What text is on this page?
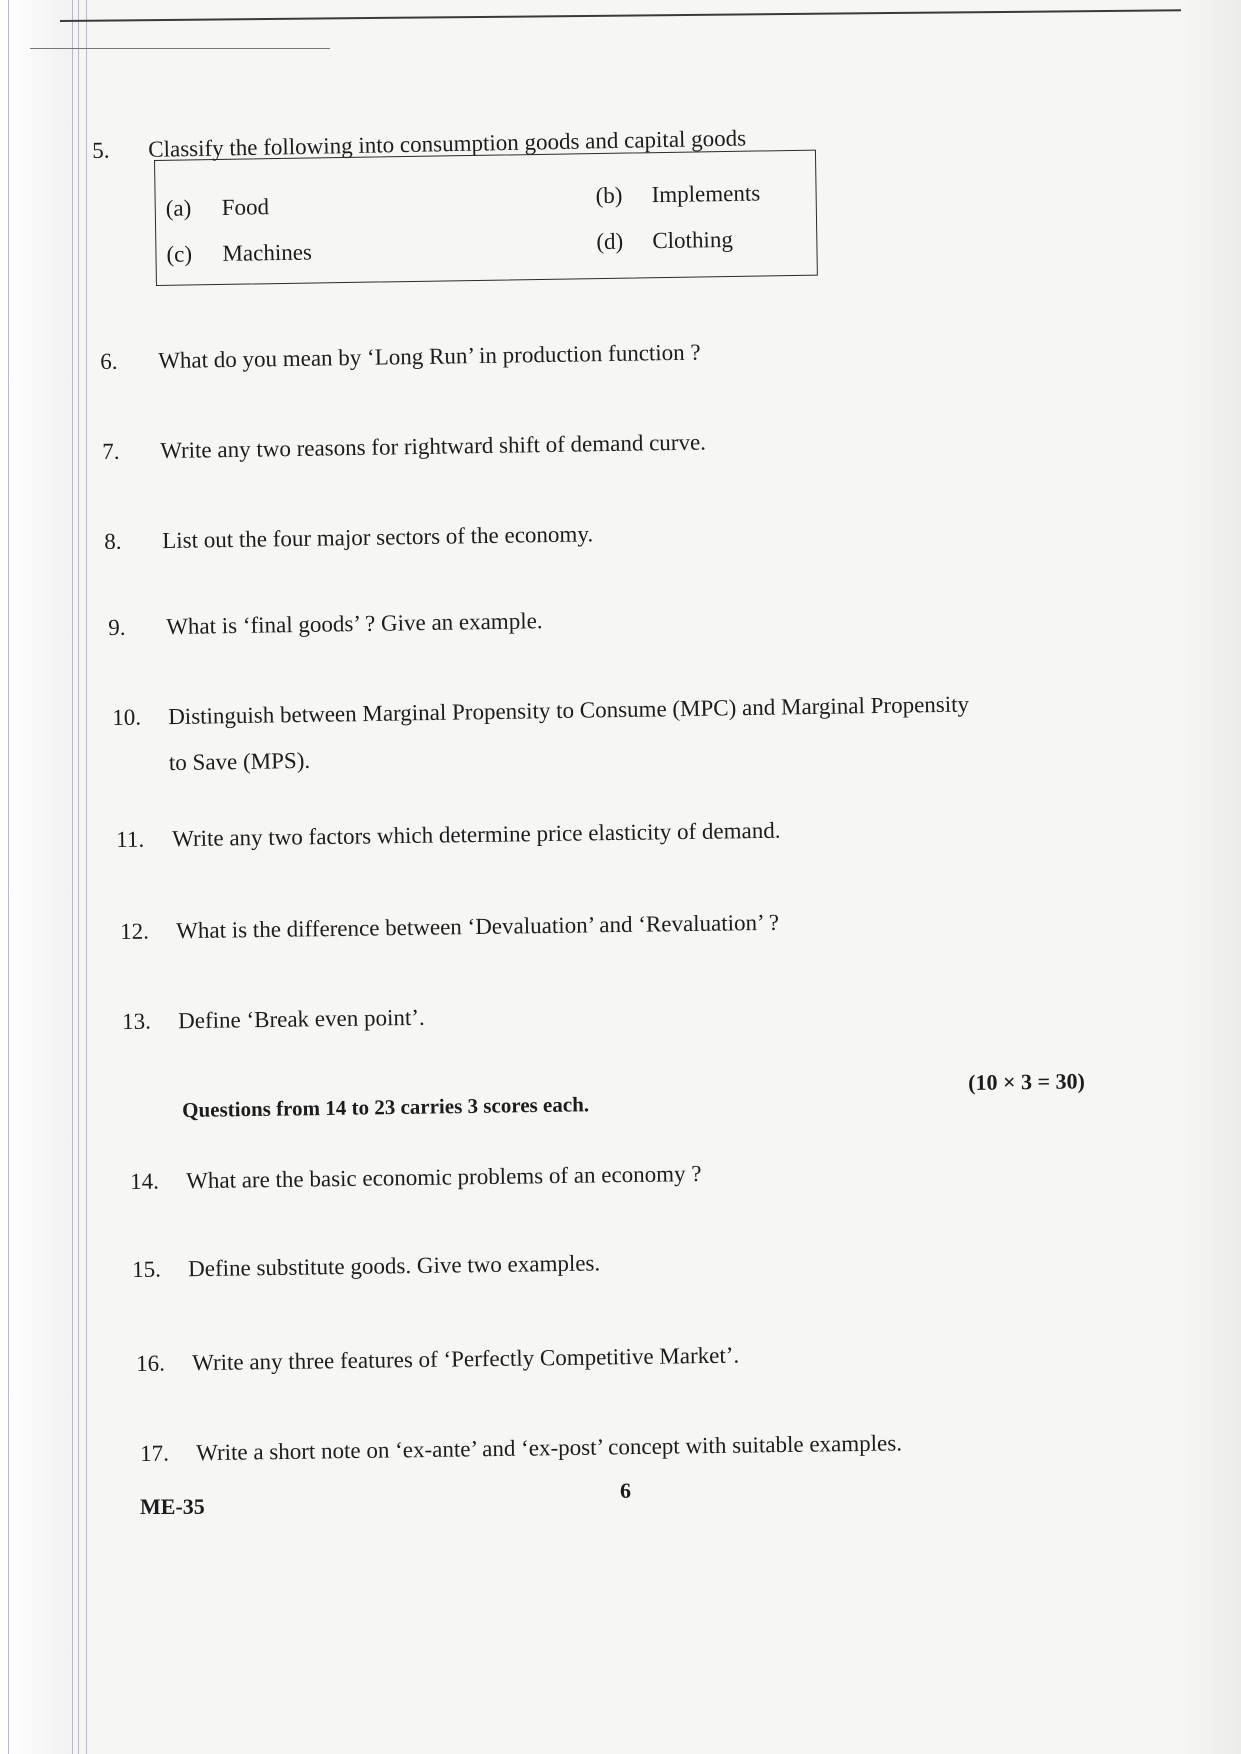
5. Classify the following into consumption goods and capital goods
(a) Food	(b) Implements
(c) Machines	(d) Clothing
6. What do you mean by ‘Long Run’ in production function ?
7. Write any two reasons for rightward shift of demand curve.
8. List out the four major sectors of the economy.
9. What is ‘final goods’ ? Give an example.
10. Distinguish between Marginal Propensity to Consume (MPC) and Marginal Propensity
to Save (MPS).
11. Write any two factors which determine price elasticity of demand.
12. What is the difference between ‘Devaluation’ and ‘Revaluation’ ?
13. Define ‘Break even point’.
Questions from 14 to 23 carries 3 scores each.
(10 × 3 = 30)
14. What are the basic economic problems of an economy ?
15. Define substitute goods. Give two examples.
16. Write any three features of ‘Perfectly Competitive Market’.
17. Write a short note on ‘ex-ante’ and ‘ex-post’ concept with suitable examples.
ME-35
6
